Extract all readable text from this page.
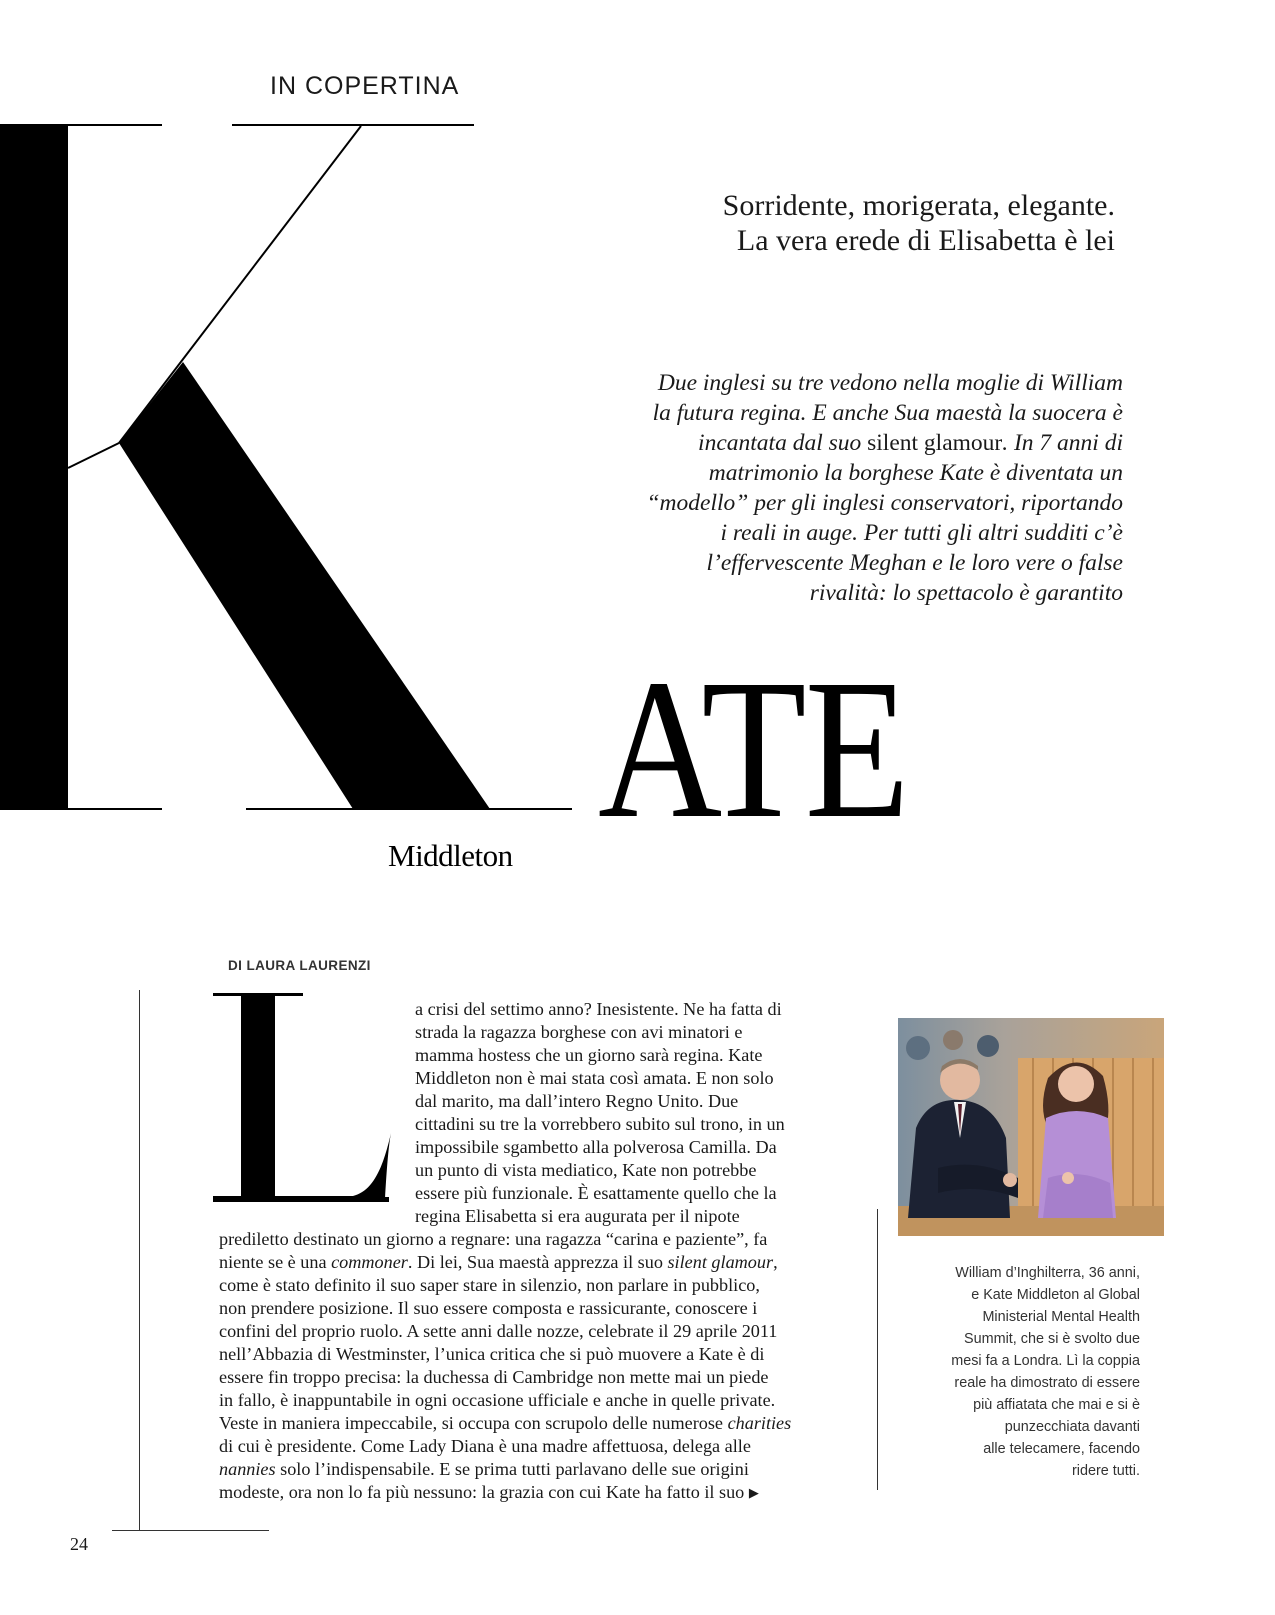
IN COPERTINA
Sorridente, morigerata, elegante.
La vera erede di Elisabetta è lei
Due inglesi su tre vedono nella moglie di William
la futura regina. E anche Sua maestà la suocera è
incantata dal suo silent glamour. In 7 anni di
matrimonio la borghese Kate è diventata un
“modello” per gli inglesi conservatori, riportando
i reali in auge. Per tutti gli altri sudditi c’è
l’effervescente Meghan e le loro vere o false
rivalità: lo spettacolo è garantito
ATE
Middleton
DI LAURA LAURENZI
a crisi del settimo anno? Inesistente. Ne ha fatta di
strada la ragazza borghese con avi minatori e
mamma hostess che un giorno sarà regina. Kate
Middleton non è mai stata così amata. E non solo
dal marito, ma dall’intero Regno Unito. Due
cittadini su tre la vorrebbero subito sul trono, in un
impossibile sgambetto alla polverosa Camilla. Da
un punto di vista mediatico, Kate non potrebbe
essere più funzionale. È esattamente quello che la
regina Elisabetta si era augurata per il nipote
prediletto destinato un giorno a regnare: una ragazza “carina e paziente”, fa
niente se è una commoner. Di lei, Sua maestà apprezza il suo silent glamour,
come è stato definito il suo saper stare in silenzio, non parlare in pubblico,
non prendere posizione. Il suo essere composta e rassicurante, conoscere i
confini del proprio ruolo. A sette anni dalle nozze, celebrate il 29 aprile 2011
nell’Abbazia di Westminster, l’unica critica che si può muovere a Kate è di
essere fin troppo precisa: la duchessa di Cambridge non mette mai un piede
in fallo, è inappuntabile in ogni occasione ufficiale e anche in quelle private.
Veste in maniera impeccabile, si occupa con scrupolo delle numerose charities
di cui è presidente. Come Lady Diana è una madre affettuosa, delega alle
nannies solo l’indispensabile. E se prima tutti parlavano delle sue origini
modeste, ora non lo fa più nessuno: la grazia con cui Kate ha fatto il suo ▶
William d’Inghilterra, 36 anni,
e Kate Middleton al Global
Ministerial Mental Health
Summit, che si è svolto due
mesi fa a Londra. Lì la coppia
reale ha dimostrato di essere
più affiatata che mai e si è
punzecchiata davanti
alle telecamere, facendo
ridere tutti.
24
